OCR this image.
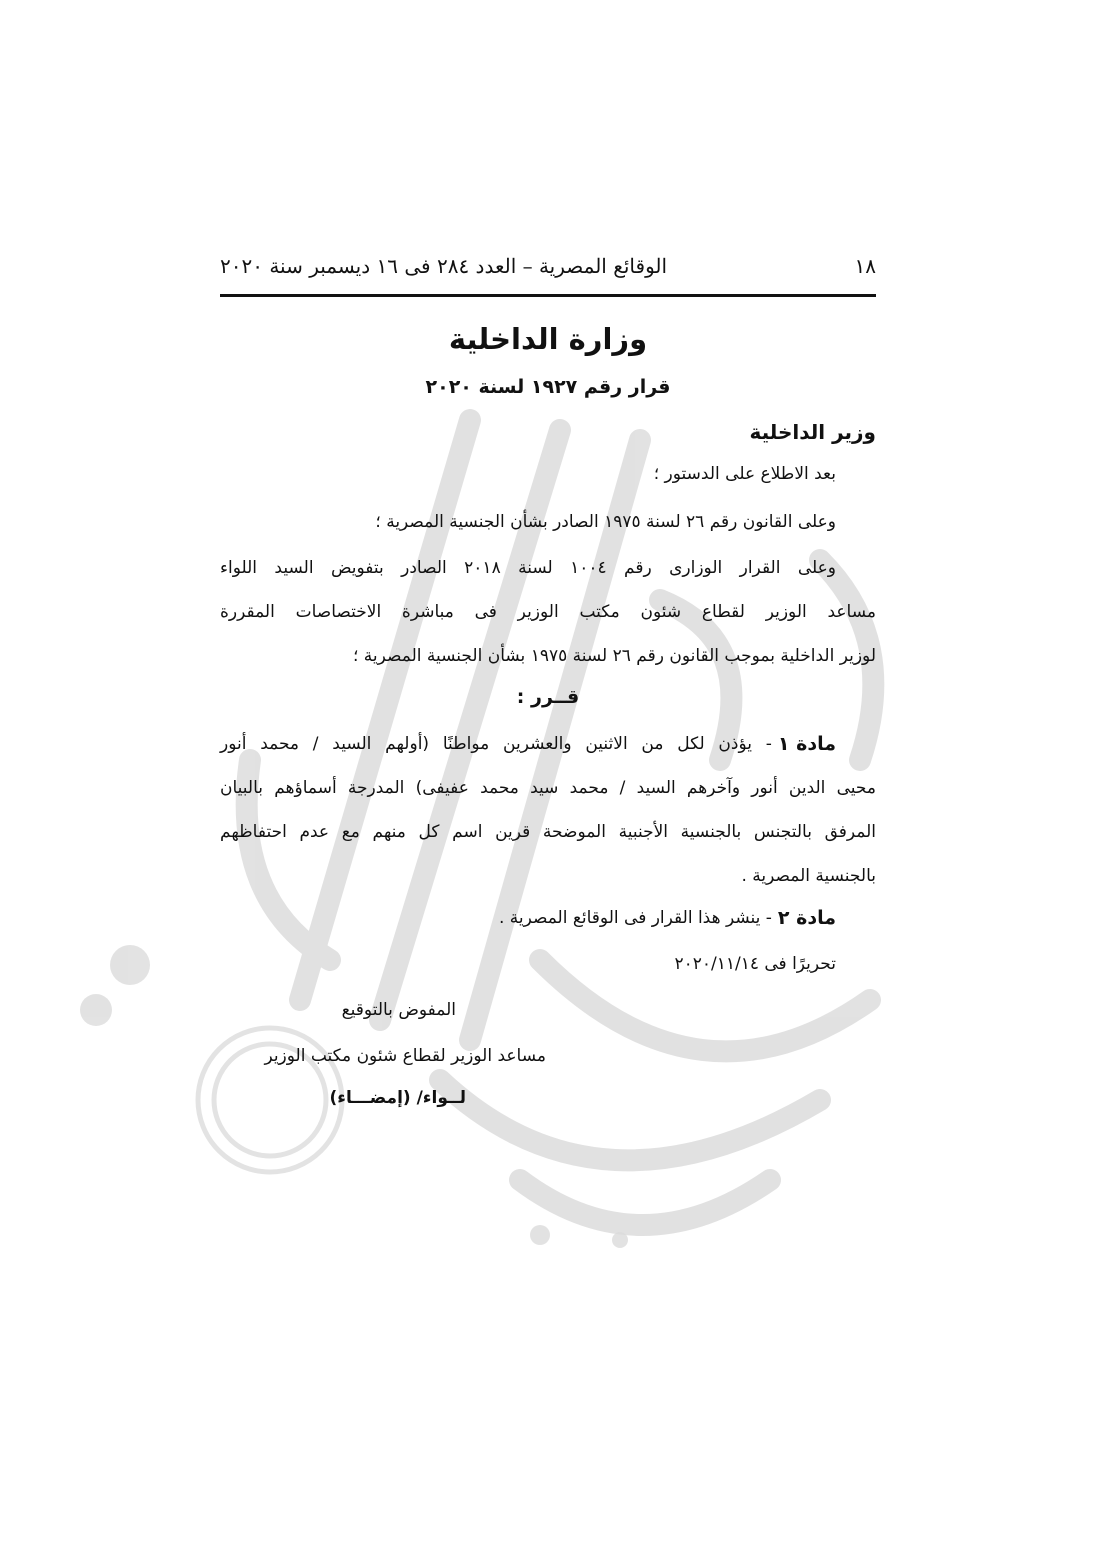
١٨
الوقائع المصرية – العدد ٢٨٤ فى ١٦ ديسمبر سنة ٢٠٢٠
وزارة الداخلية
قرار رقم ١٩٢٧ لسنة ٢٠٢٠
وزير الداخلية
بعد الاطلاع على الدستور ؛
وعلى القانون رقم ٢٦ لسنة ١٩٧٥ الصادر بشأن الجنسية المصرية ؛
وعلى القرار الوزارى رقم ١٠٠٤ لسنة ٢٠١٨ الصادر بتفويض السيد اللواء
مساعد الوزير لقطاع شئون مكتب الوزير فى مباشرة الاختصاصات المقررة
لوزير الداخلية بموجب القانون رقم ٢٦ لسنة ١٩٧٥ بشأن الجنسية المصرية ؛
قــرر :
مادة ١
- يؤذن لكل من الاثنين والعشرين مواطنًا (أولهم السيد / محمد أنور
محيى الدين أنور وآخرهم السيد / محمد سيد محمد عفيفى) المدرجة أسماؤهم بالبيان
المرفق بالتجنس بالجنسية الأجنبية الموضحة قرين اسم كل منهم مع عدم احتفاظهم
بالجنسية المصرية .
مادة ٢
- ينشر هذا القرار فى الوقائع المصرية .
تحريرًا فى ٢٠٢٠/١١/١٤
المفوض بالتوقيع
مساعد الوزير لقطاع شئون مكتب الوزير
لــواء/ (إمضـــاء)
